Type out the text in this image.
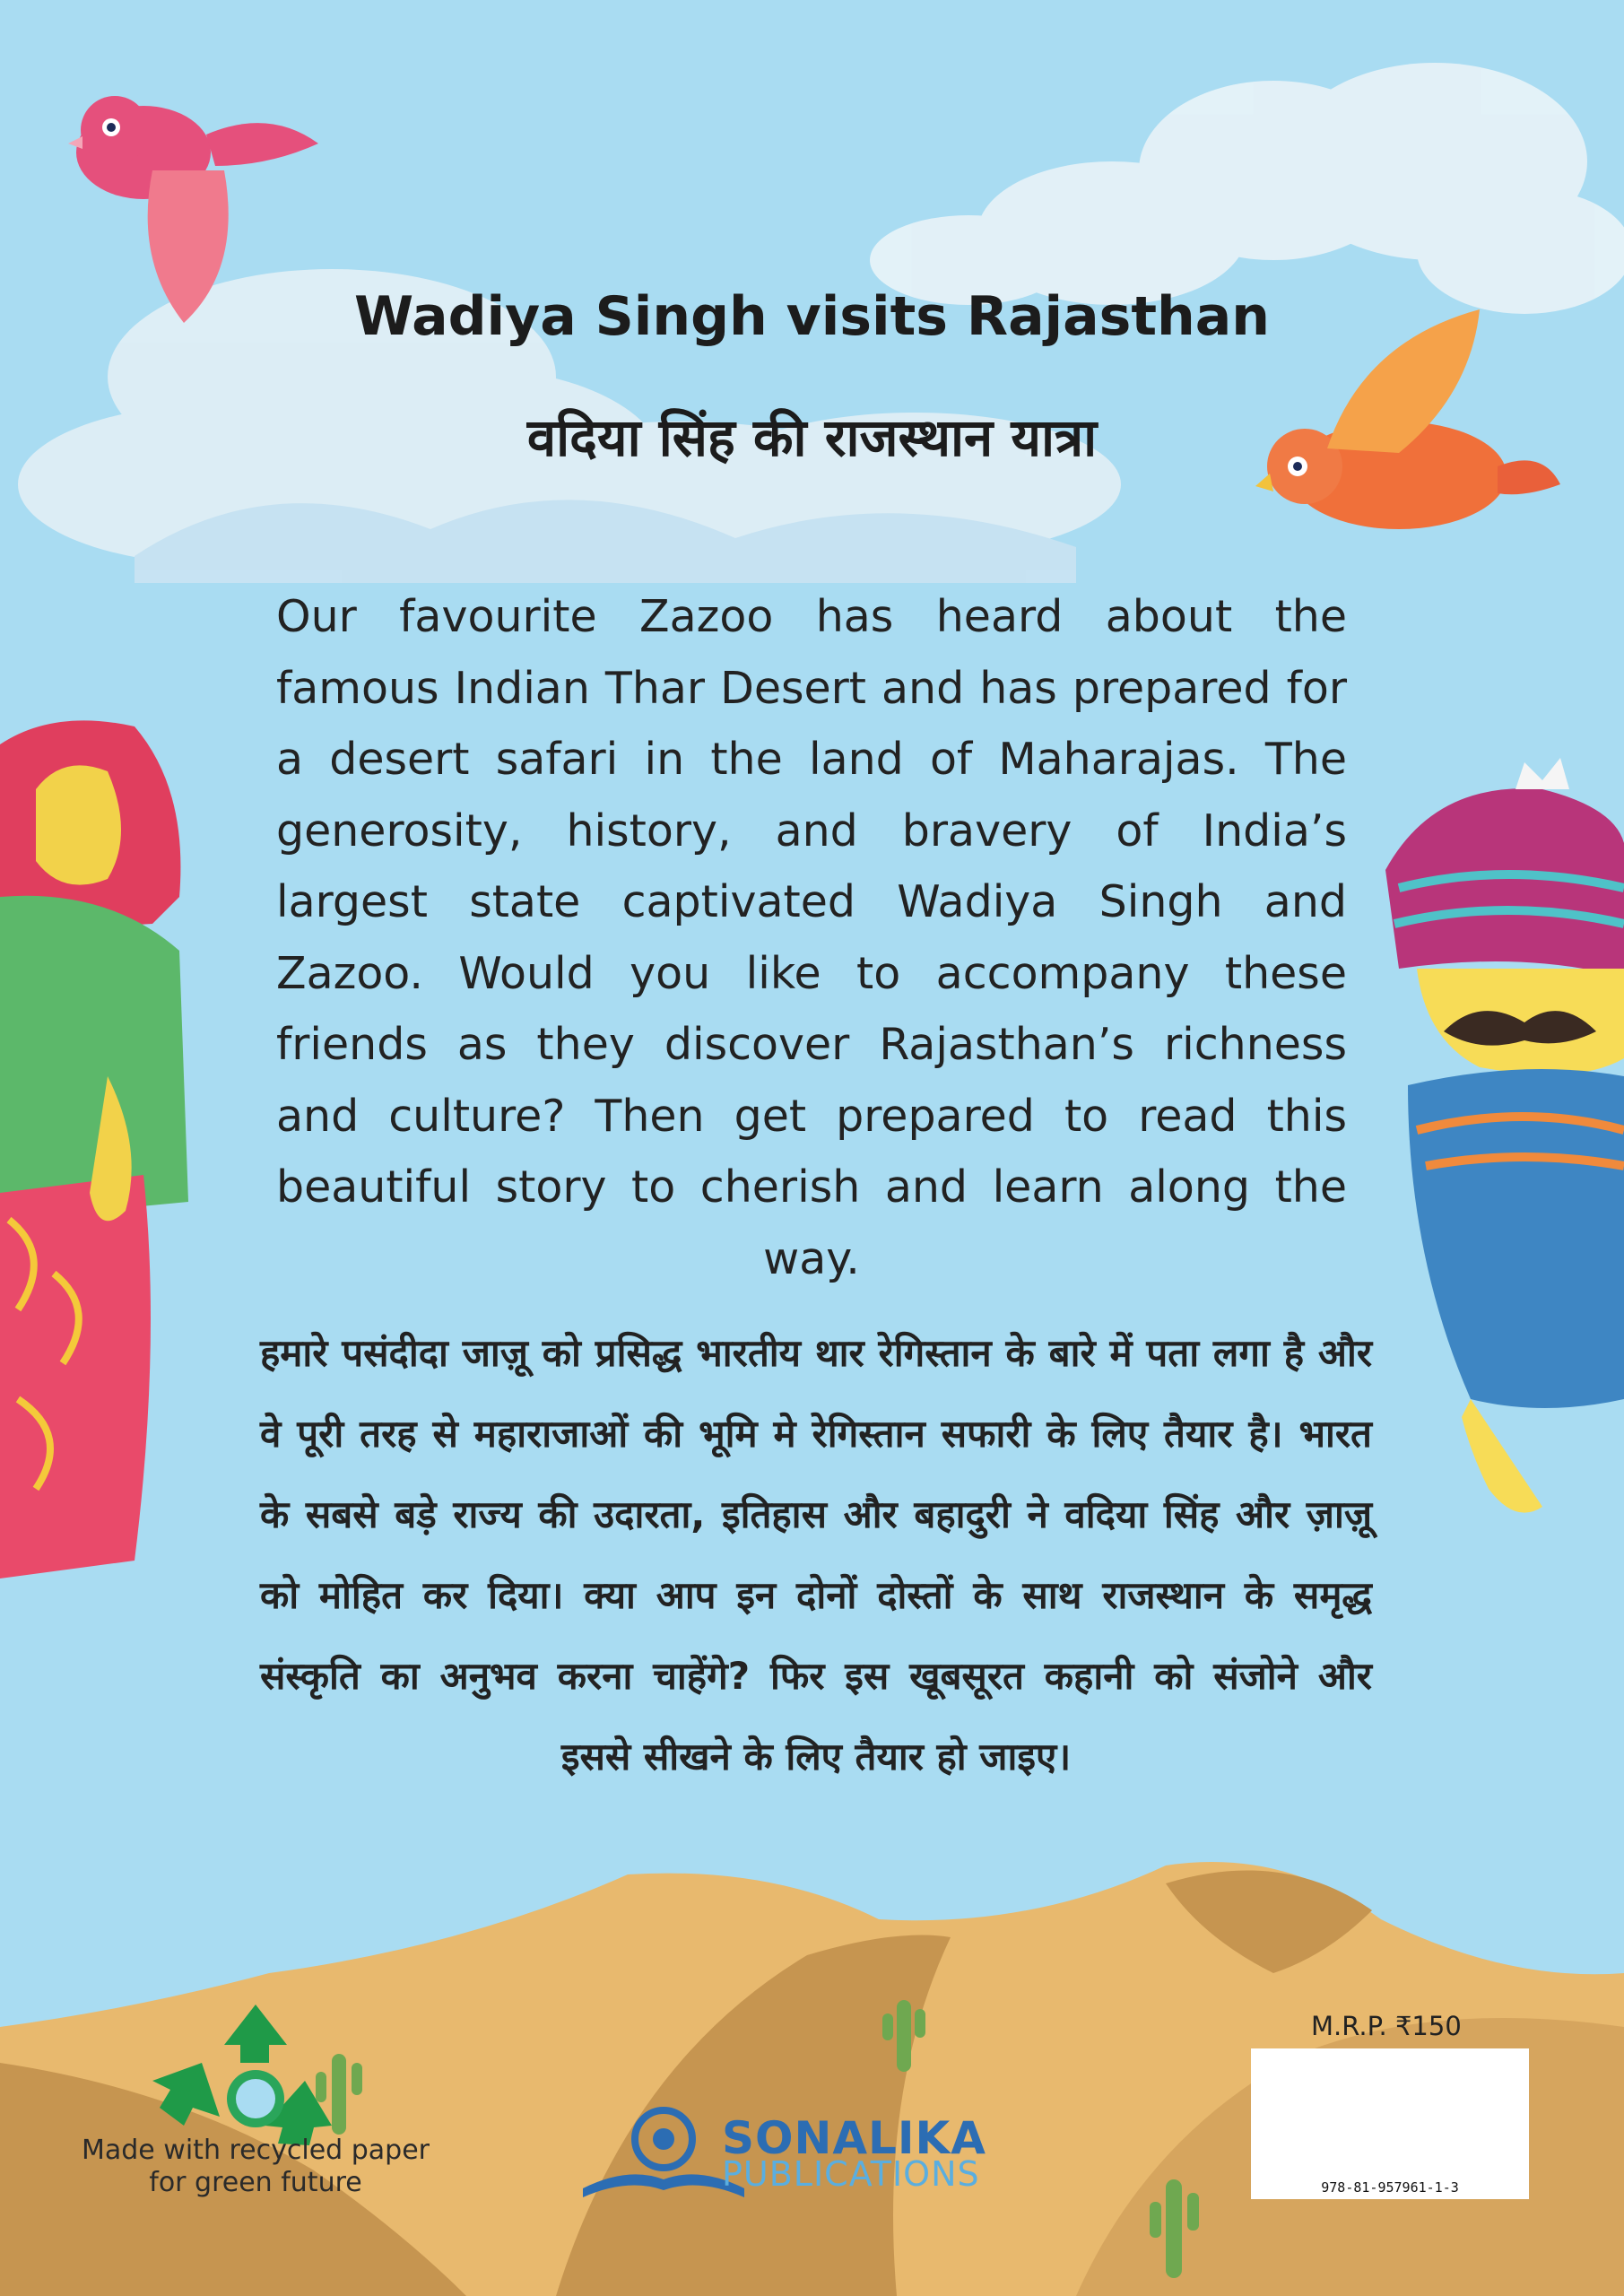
Wadiya Singh visits Rajasthan
वदिया सिंह की राजस्थान यात्रा
Our favourite Zazoo has heard about the famous Indian Thar Desert and has prepared for a desert safari in the land of Maharajas. The generosity, history, and bravery of India’s largest state captivated Wadiya Singh and Zazoo. Would you like to accompany these friends as they discover Rajasthan’s richness and culture? Then get prepared to read this beautiful story to cherish and learn along the way.
हमारे पसंदीदा जाज़ू को प्रसिद्ध भारतीय थार रेगिस्तान के बारे में पता लगा है और वे पूरी तरह से महाराजाओं की भूमि मे रेगिस्तान सफारी के लिए तैयार है। भारत के सबसे बड़े राज्य की उदारता, इतिहास और बहादुरी ने वदिया सिंह और ज़ाज़ू को मोहित कर दिया। क्या आप इन दोनों दोस्तों के साथ राजस्थान के समृद्ध संस्कृति का अनुभव करना चाहेंगे? फिर इस खूबसूरत कहानी को संजोने और इससे सीखने के लिए तैयार हो जाइए।
Made with recycled paper for green future
SONALIKA
PUBLICATIONS
M.R.P. ₹150
978-81-957961-1-3
